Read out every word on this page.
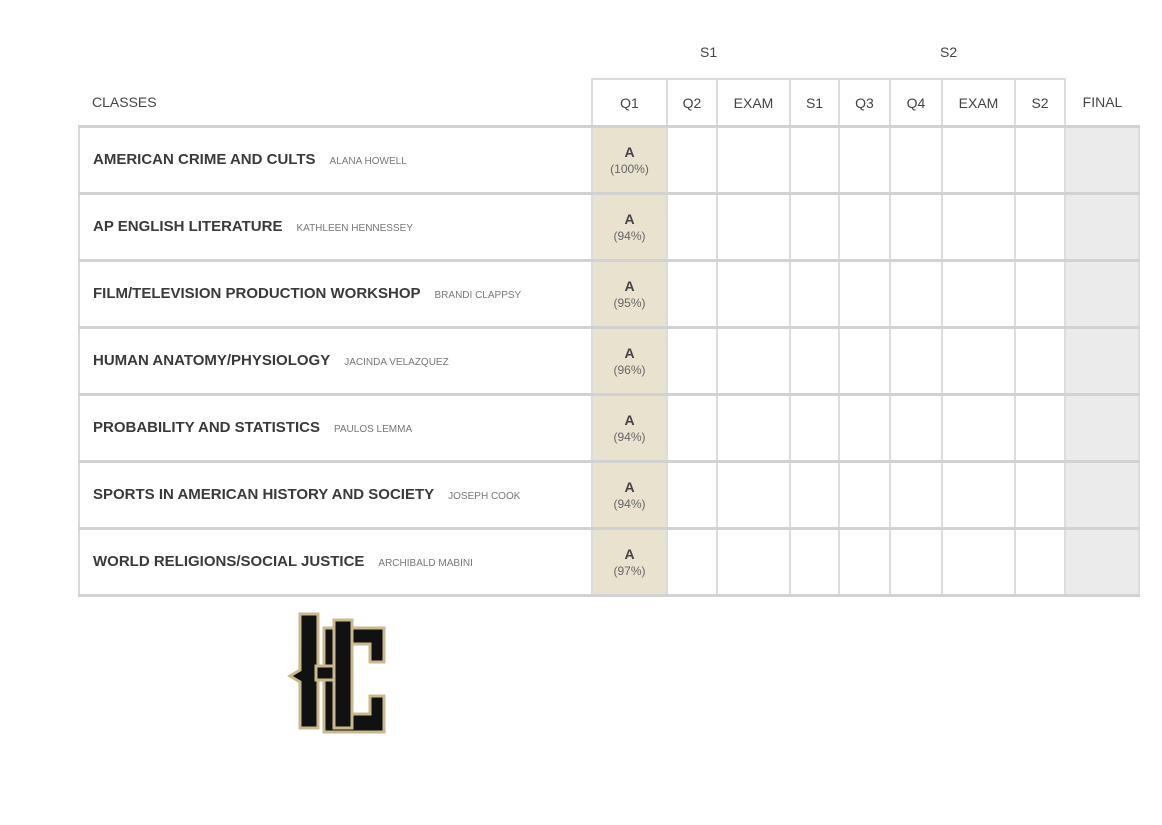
S1	S2
CLASSES	Q1	Q2	EXAM	S1	Q3	Q4	EXAM	S2	FINAL
AMERICAN CRIME AND CULTS ALANA HOWELL	A
(100%)								

AP ENGLISH LITERATURE KATHLEEN HENNESSEY	A
(94%)								

FILM/TELEVISION PRODUCTION WORKSHOP BRANDI CLAPPSY	A
(95%)								

HUMAN ANATOMY/PHYSIOLOGY JACINDA VELAZQUEZ	A
(96%)								

PROBABILITY AND STATISTICS PAULOS LEMMA	A
(94%)								

SPORTS IN AMERICAN HISTORY AND SOCIETY JOSEPH COOK	A
(94%)								

WORLD RELIGIONS/SOCIAL JUSTICE ARCHIBALD MABINI	A
(97%)								
